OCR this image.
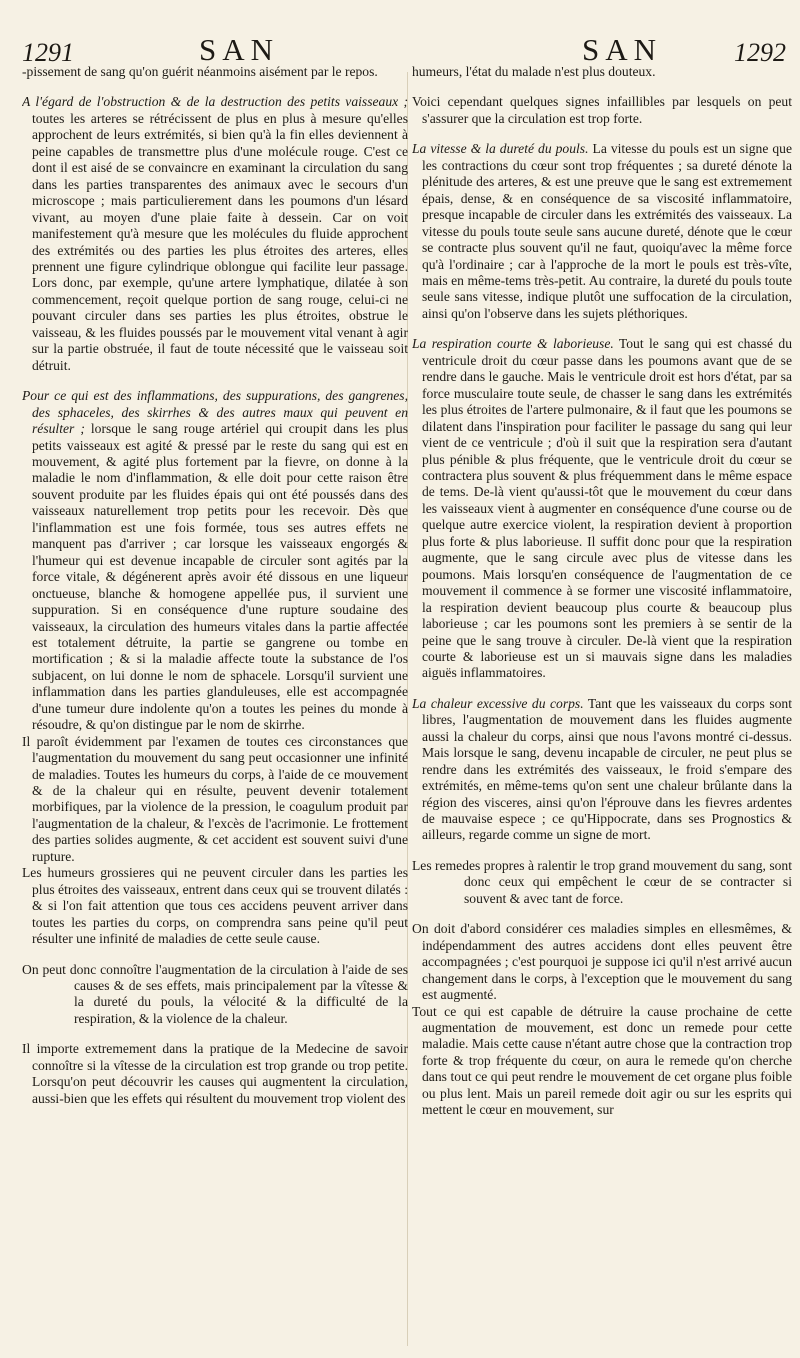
1291	SAN	SAN	1292

-pissement de sang qu'on guérit néanmoins aisément par le repos.

A l'égard de l'obstruction & de la destruction des petits vaisseaux ; toutes les arteres se rétrécissent de plus en plus à mesure qu'elles approchent de leurs extrémités, si bien qu'à la fin elles deviennent à peine capables de transmettre plus d'une molécule rouge. C'est ce dont il est aisé de se convaincre en examinant la circulation du sang dans les parties transparentes des animaux avec le secours d'un microscope ; mais particulierement dans les poumons d'un lésard vivant, au moyen d'une plaie faite à dessein. Car on voit manifestement qu'à mesure que les molécules du fluide approchent des extrémités ou des parties les plus étroites des arteres, elles prennent une figure cylindrique oblongue qui facilite leur passage. Lors donc, par exemple, qu'une artere lymphatique, dilatée à son commencement, reçoit quelque portion de sang rouge, celui-ci ne pouvant circuler dans ses parties les plus étroites, obstrue le vaisseau, & les fluides poussés par le mouvement vital venant à agir sur la partie obstruée, il faut de toute nécessité que le vaisseau soit détruit.

Pour ce qui est des inflammations, des suppurations, des gangrenes, des sphaceles, des skirrhes & des autres maux qui peuvent en résulter ; lorsque le sang rouge artériel qui croupit dans les plus petits vaisseaux est agité & pressé par le reste du sang qui est en mouvement, & agité plus fortement par la fievre, on donne à la maladie le nom d'inflammation, & elle doit pour cette raison être souvent produite par les fluides épais qui ont été poussés dans des vaisseaux naturellement trop petits pour les recevoir. Dès que l'inflammation est une fois formée, tous ses autres effets ne manquent pas d'arriver ; car lorsque les vaisseaux engorgés & l'humeur qui est devenue incapable de circuler sont agités par la force vitale, & dégénerent après avoir été dissous en une liqueur onctueuse, blanche & homogene appellée pus, il survient une suppuration. Si en conséquence d'une rupture soudaine des vaisseaux, la circulation des humeurs vitales dans la partie affectée est totalement détruite, la partie se gangrene ou tombe en mortification ; & si la maladie affecte toute la substance de l'os subjacent, on lui donne le nom de sphacele. Lorsqu'il survient une inflammation dans les parties glanduleuses, elle est accompagnée d'une tumeur dure indolente qu'on a toutes les peines du monde à résoudre, & qu'on distingue par le nom de skirrhe.

Il paroît évidemment par l'examen de toutes ces circonstances que l'augmentation du mouvement du sang peut occasionner une infinité de maladies. Toutes les humeurs du corps, à l'aide de ce mouvement & de la chaleur qui en résulte, peuvent devenir totalement morbifiques, par la violence de la pression, le coagulum produit par l'augmentation de la chaleur, & l'excès de l'acrimonie. Le frottement des parties solides augmente, & cet accident est souvent suivi d'une rupture.

Les humeurs grossieres qui ne peuvent circuler dans les parties les plus étroites des vaisseaux, entrent dans ceux qui se trouvent dilatés : & si l'on fait attention que tous ces accidens peuvent arriver dans toutes les parties du corps, on comprendra sans peine qu'il peut résulter une infinité de maladies de cette seule cause.

On peut donc connoître l'augmentation de la circulation à l'aide de ses causes & de ses effets, mais principalement par la vîtesse & la dureté du pouls, la vélocité & la difficulté de la respiration, & la violence de la chaleur.

Il importe extremement dans la pratique de la Medecine de savoir connoître si la vîtesse de la circulation est trop grande ou trop petite. Lorsqu'on peut découvrir les causes qui augmentent la circulation, aussi-bien que les effets qui résultent du mouvement trop violent des

humeurs, l'état du malade n'est plus douteux.

Voici cependant quelques signes infaillibles par lesquels on peut s'assurer que la circulation est trop forte.

La vitesse & la dureté du pouls. La vitesse du pouls est un signe que les contractions du cœur sont trop fréquentes ; sa dureté dénote la plénitude des arteres, & est une preuve que le sang est extremement épais, dense, & en conséquence de sa viscosité inflammatoire, presque incapable de circuler dans les extrémités des vaisseaux. La vitesse du pouls toute seule sans aucune dureté, dénote que le cœur se contracte plus souvent qu'il ne faut, quoiqu'avec la même force qu'à l'ordinaire ; car à l'approche de la mort le pouls est très-vîte, mais en même-tems très-petit. Au contraire, la dureté du pouls toute seule sans vitesse, indique plutôt une suffocation de la circulation, ainsi qu'on l'observe dans les sujets pléthoriques.

La respiration courte & laborieuse. Tout le sang qui est chassé du ventricule droit du cœur passe dans les poumons avant que de se rendre dans le gauche. Mais le ventricule droit est hors d'état, par sa force musculaire toute seule, de chasser le sang dans les extrémités les plus étroites de l'artere pulmonaire, & il faut que les poumons se dilatent dans l'inspiration pour faciliter le passage du sang qui leur vient de ce ventricule ; d'où il suit que la respiration sera d'autant plus pénible & plus fréquente, que le ventricule droit du cœur se contractera plus souvent & plus fréquemment dans le même espace de tems. De-là vient qu'aussi-tôt que le mouvement du cœur dans les vaisseaux vient à augmenter en conséquence d'une course ou de quelque autre exercice violent, la respiration devient à proportion plus forte & plus laborieuse. Il suffit donc pour que la respiration augmente, que le sang circule avec plus de vitesse dans les poumons. Mais lorsqu'en conséquence de l'augmentation de ce mouvement il commence à se former une viscosité inflammatoire, la respiration devient beaucoup plus courte & beaucoup plus laborieuse ; car les poumons sont les premiers à se sentir de la peine que le sang trouve à circuler. De-là vient que la respiration courte & laborieuse est un si mauvais signe dans les maladies aiguës inflammatoires.

La chaleur excessive du corps. Tant que les vaisseaux du corps sont libres, l'augmentation de mouvement dans les fluides augmente aussi la chaleur du corps, ainsi que nous l'avons montré ci-dessus. Mais lorsque le sang, devenu incapable de circuler, ne peut plus se rendre dans les extrémités des vaisseaux, le froid s'empare des extrémités, en même-tems qu'on sent une chaleur brûlante dans la région des visceres, ainsi qu'on l'éprouve dans les fievres ardentes de mauvaise espece ; ce qu'Hippocrate, dans ses Prognostics & ailleurs, regarde comme un signe de mort.

Les remedes propres à ralentir le trop grand mouvement du sang, sont donc ceux qui empêchent le cœur de se contracter si souvent & avec tant de force.

On doit d'abord considérer ces maladies simples en ellesmêmes, & indépendamment des autres accidens dont elles peuvent être accompagnées ; c'est pourquoi je suppose ici qu'il n'est arrivé aucun changement dans le corps, à l'exception que le mouvement du sang est augmenté.

Tout ce qui est capable de détruire la cause prochaine de cette augmentation de mouvement, est donc un remede pour cette maladie. Mais cette cause n'étant autre chose que la contraction trop forte & trop fréquente du cœur, on aura le remede qu'on cherche dans tout ce qui peut rendre le mouvement de cet organe plus foible ou plus lent. Mais un pareil remede doit agir ou sur les esprits qui mettent le cœur en mouvement, sur
